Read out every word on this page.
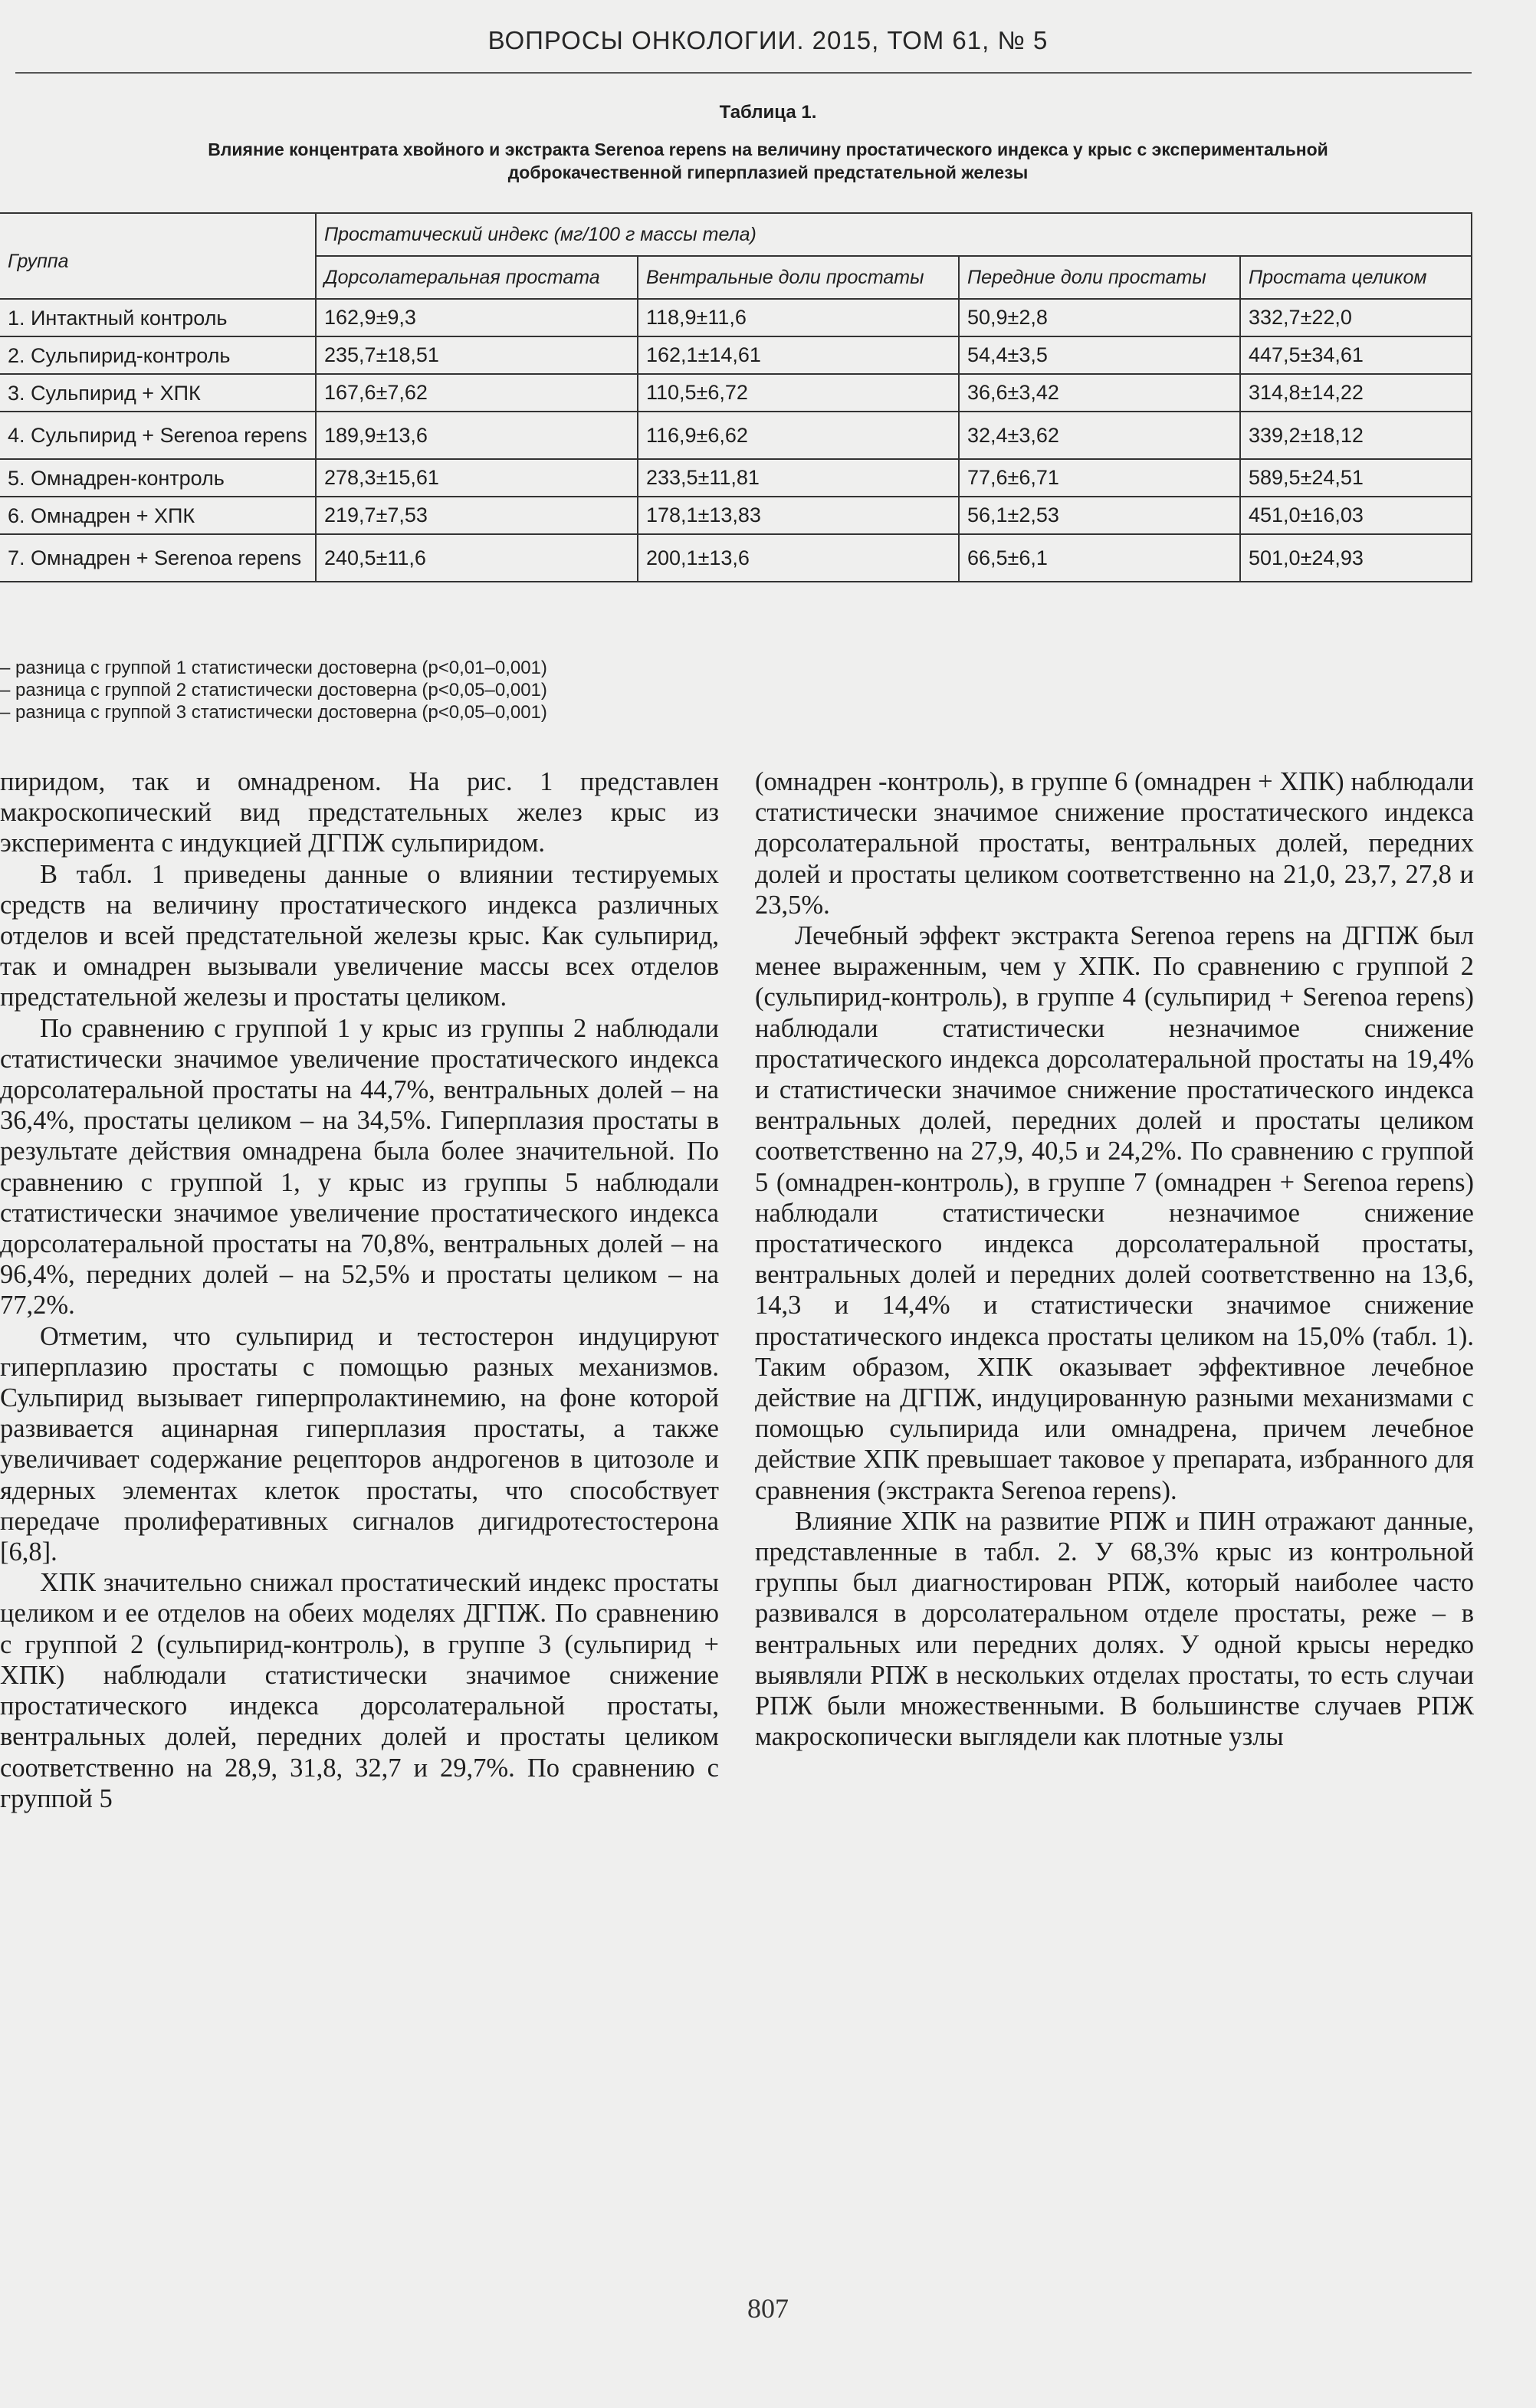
ВОПРОСЫ ОНКОЛОГИИ. 2015, ТОМ 61, № 5
Таблица 1.
Влияние концентрата хвойного и экстракта Serenoa repens на величину простатического индекса у крыс с экспериментальной
доброкачественной гиперплазией предстательной железы
Группа	Простатический индекс (мг/100 г массы тела)			
	Дорсолатеральная простата	Вентральные доли простаты	Передние доли простаты	Простата целиком
1. Интактный контроль	162,9±9,3	118,9±11,6	50,9±2,8	332,7±22,0
2. Сульпирид-контроль	235,7±18,51	162,1±14,61	54,4±3,5	447,5±34,61
3. Сульпирид + ХПК	167,6±7,62	110,5±6,72	36,6±3,42	314,8±14,22
4. Сульпирид + Serenoa repens	189,9±13,6	116,9±6,62	32,4±3,62	339,2±18,12
5. Омнадрен-контроль	278,3±15,61	233,5±11,81	77,6±6,71	589,5±24,51
6. Омнадрен + ХПК	219,7±7,53	178,1±13,83	56,1±2,53	451,0±16,03
7. Омнадрен + Serenoa repens	240,5±11,6	200,1±13,6	66,5±6,1	501,0±24,93
– разница с группой 1 статистически достоверна (p<0,01–0,001)
– разница с группой 2 статистически достоверна (p<0,05–0,001)
– разница с группой 3 статистически достоверна (p<0,05–0,001)

пиридом, так и омнадреном. На рис. 1 представлен макроскопический вид предстательных желез крыс из эксперимента с индукцией ДГПЖ сульпиридом.

В табл. 1 приведены данные о влиянии тестируемых средств на величину простатического индекса различных отделов и всей предстательной железы крыс. Как сульпирид, так и омнадрен вызывали увеличение массы всех отделов предстательной железы и простаты целиком.

По сравнению с группой 1 у крыс из группы 2 наблюдали статистически значимое увеличение простатического индекса дорсолатеральной простаты на 44,7%, вентральных долей – на 36,4%, простаты целиком – на 34,5%. Гиперплазия простаты в результате действия омнадрена была более значительной. По сравнению с группой 1, у крыс из группы 5 наблюдали статистически значимое увеличение простатического индекса дорсолатеральной простаты на 70,8%, вентральных долей – на 96,4%, передних долей – на 52,5% и простаты целиком – на 77,2%.

Отметим, что сульпирид и тестостерон индуцируют гиперплазию простаты с помощью разных механизмов. Сульпирид вызывает гиперпролактинемию, на фоне которой развивается ацинарная гиперплазия простаты, а также увеличивает содержание рецепторов андрогенов в цитозоле и ядерных элементах клеток простаты, что способствует передаче пролиферативных сигналов дигидротестостерона [6,8].

ХПК значительно снижал простатический индекс простаты целиком и ее отделов на обеих моделях ДГПЖ. По сравнению с группой 2 (сульпирид-контроль), в группе 3 (сульпирид + ХПК) наблюдали статистически значимое снижение простатического индекса дорсолатеральной простаты, вентральных долей, передних долей и простаты целиком соответственно на 28,9, 31,8, 32,7 и 29,7%. По сравнению с группой 5

(омнадрен -контроль), в группе 6 (омнадрен + ХПК) наблюдали статистически значимое снижение простатического индекса дорсолатеральной простаты, вентральных долей, передних долей и простаты целиком соответственно на 21,0, 23,7, 27,8 и 23,5%.

Лечебный эффект экстракта Serenoa repens на ДГПЖ был менее выраженным, чем у ХПК. По сравнению с группой 2 (сульпирид-контроль), в группе 4 (сульпирид + Serenoa repens) наблюдали статистически незначимое снижение простатического индекса дорсолатеральной простаты на 19,4% и статистически значимое снижение простатического индекса вентральных долей, передних долей и простаты целиком соответственно на 27,9, 40,5 и 24,2%. По сравнению с группой 5 (омнадрен-контроль), в группе 7 (омнадрен + Serenoa repens) наблюдали статистически незначимое снижение простатического индекса дорсолатеральной простаты, вентральных долей и передних долей соответственно на 13,6, 14,3 и 14,4% и статистически значимое снижение простатического индекса простаты целиком на 15,0% (табл. 1). Таким образом, ХПК оказывает эффективное лечебное действие на ДГПЖ, индуцированную разными механизмами с помощью сульпирида или омнадрена, причем лечебное действие ХПК превышает таковое у препарата, избранного для сравнения (экстракта Serenoa repens).

Влияние ХПК на развитие РПЖ и ПИН отражают данные, представленные в табл. 2. У 68,3% крыс из контрольной группы был диагностирован РПЖ, который наиболее часто развивался в дорсолатеральном отделе простаты, реже – в вентральных или передних долях. У одной крысы нередко выявляли РПЖ в нескольких отделах простаты, то есть случаи РПЖ были множественными. В большинстве случаев РПЖ макроскопически выглядели как плотные узлы

807
